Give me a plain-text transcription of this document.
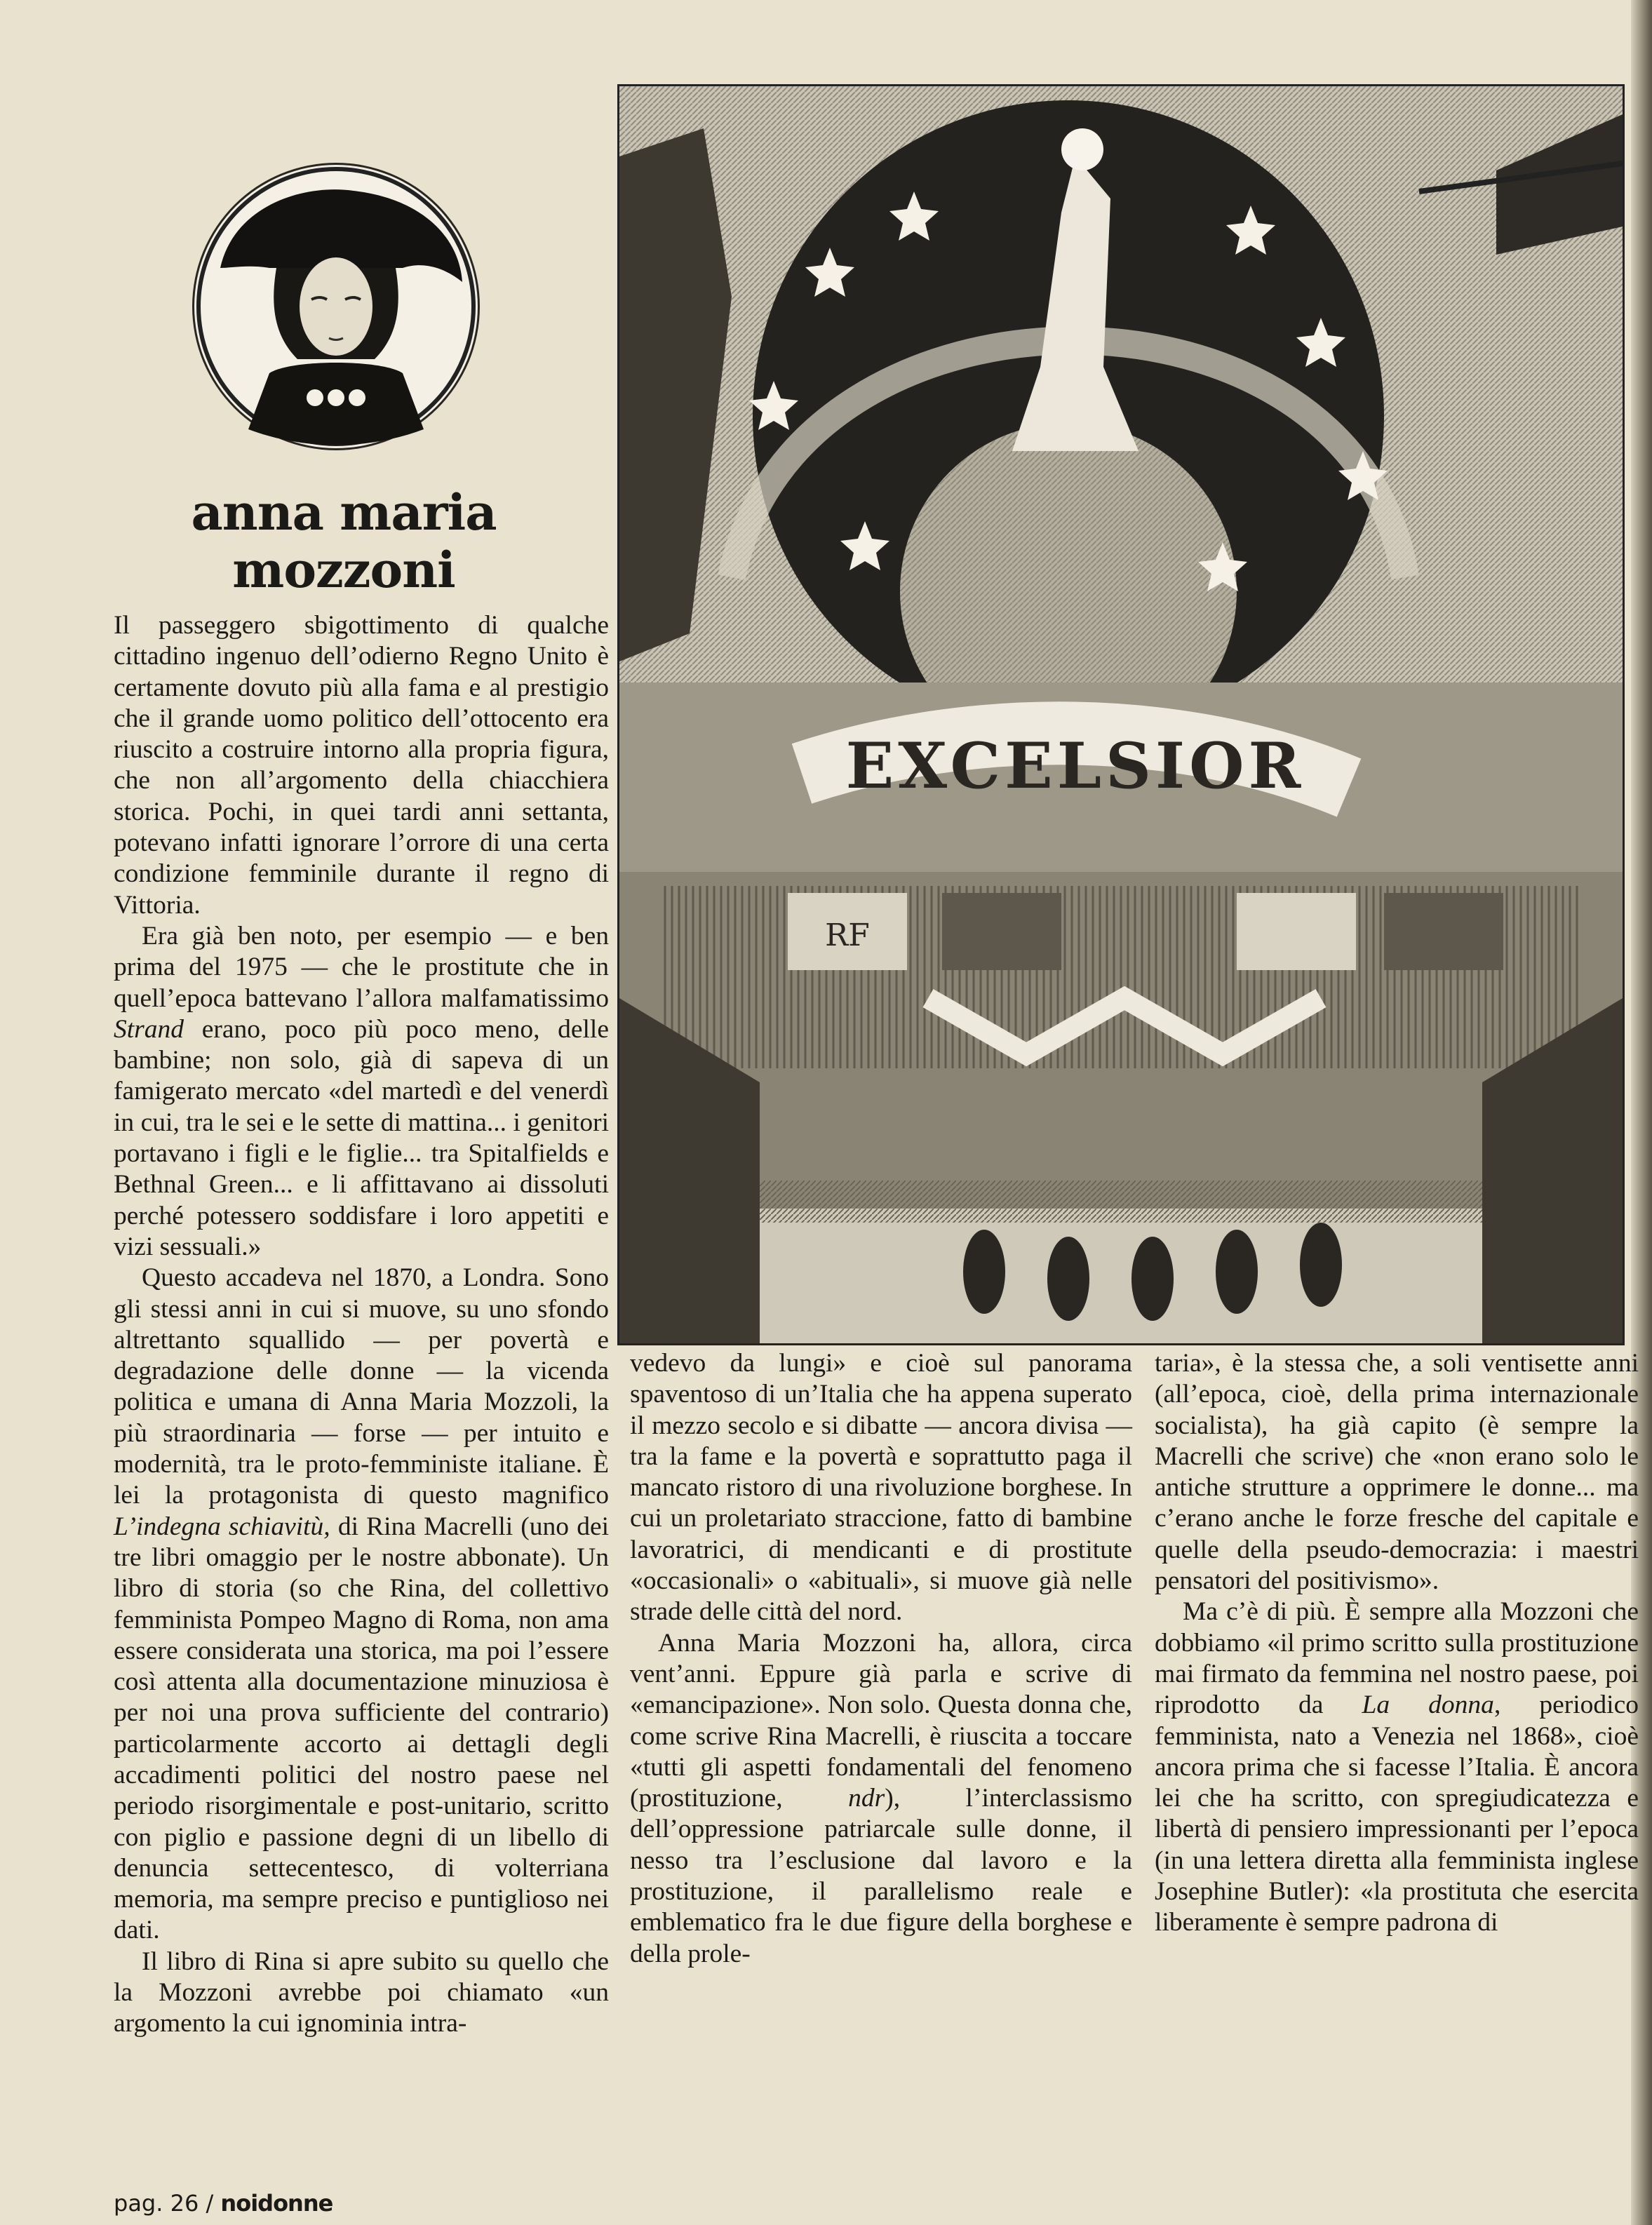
anna maria
mozzoni

Il passeggero sbigottimento di qualche cittadino ingenuo dell’odierno Regno Unito è certamente dovuto più alla fama e al prestigio che il grande uomo politico dell’ottocento era riuscito a costruire intorno alla propria figura, che non all’argomento della chiacchiera storica. Pochi, in quei tardi anni settanta, potevano infatti ignorare l’orrore di una certa condizione femminile durante il regno di Vittoria.

Era già ben noto, per esempio — e ben prima del 1975 — che le prostitute che in quell’epoca battevano l’allora malfamatissimo Strand erano, poco più poco meno, delle bambine; non solo, già di sapeva di un famigerato mercato «del martedì e del venerdì in cui, tra le sei e le sette di mattina... i genitori portavano i figli e le figlie... tra Spitalfields e Bethnal Green... e li affittavano ai dissoluti perché potessero soddisfare i loro appetiti e vizi sessuali.»

Questo accadeva nel 1870, a Londra. Sono gli stessi anni in cui si muove, su uno sfondo altrettanto squallido — per povertà e degradazione delle donne — la vicenda politica e umana di Anna Maria Mozzoli, la più straordinaria — forse — per intuito e modernità, tra le proto-femministe italiane. È lei la protagonista di questo magnifico L’indegna schiavitù, di Rina Macrelli (uno dei tre libri omaggio per le nostre abbonate). Un libro di storia (so che Rina, del collettivo femminista Pompeo Magno di Roma, non ama essere considerata una storica, ma poi l’essere così attenta alla documentazione minuziosa è per noi una prova sufficiente del contrario) particolarmente accorto ai dettagli degli accadimenti politici del nostro paese nel periodo risorgimentale e post-unitario, scritto con piglio e passione degni di un libello di denuncia settecentesco, di volterriana memoria, ma sempre preciso e puntiglioso nei dati.

Il libro di Rina si apre subito su quello che la Mozzoni avrebbe poi chiamato «un argomento la cui ignominia intra-

EXCELSIOR
RF

vedevo da lungi» e cioè sul panorama spaventoso di un’Italia che ha appena superato il mezzo secolo e si dibatte — ancora divisa — tra la fame e la povertà e soprattutto paga il mancato ristoro di una rivoluzione borghese. In cui un proletariato straccione, fatto di bambine lavoratrici, di mendicanti e di prostitute «occasionali» o «abituali», si muove già nelle strade delle città del nord.

Anna Maria Mozzoni ha, allora, circa vent’anni. Eppure già parla e scrive di «emancipazione». Non solo. Questa donna che, come scrive Rina Macrelli, è riuscita a toccare «tutti gli aspetti fondamentali del fenomeno (prostituzione, ndr), l’interclassismo dell’oppressione patriarcale sulle donne, il nesso tra l’esclusione dal lavoro e la prostituzione, il parallelismo reale e emblematico fra le due figure della borghese e della prole-

taria», è la stessa che, a soli ventisette anni (all’epoca, cioè, della prima internazionale socialista), ha già capito (è sempre la Macrelli che scrive) che «non erano solo le antiche strutture a opprimere le donne... ma c’erano anche le forze fresche del capitale e quelle della pseudo-democrazia: i maestri pensatori del positivismo».

Ma c’è di più. È sempre alla Mozzoni che dobbiamo «il primo scritto sulla prostituzione mai firmato da femmina nel nostro paese, poi riprodotto da La donna, periodico femminista, nato a Venezia nel 1868», cioè ancora prima che si facesse l’Italia. È ancora lei che ha scritto, con spregiudicatezza e libertà di pensiero impressionanti per l’epoca (in una lettera diretta alla femminista inglese Josephine Butler): «la prostituta che esercita liberamente è sempre padrona di

pag. 26 / noidonne
